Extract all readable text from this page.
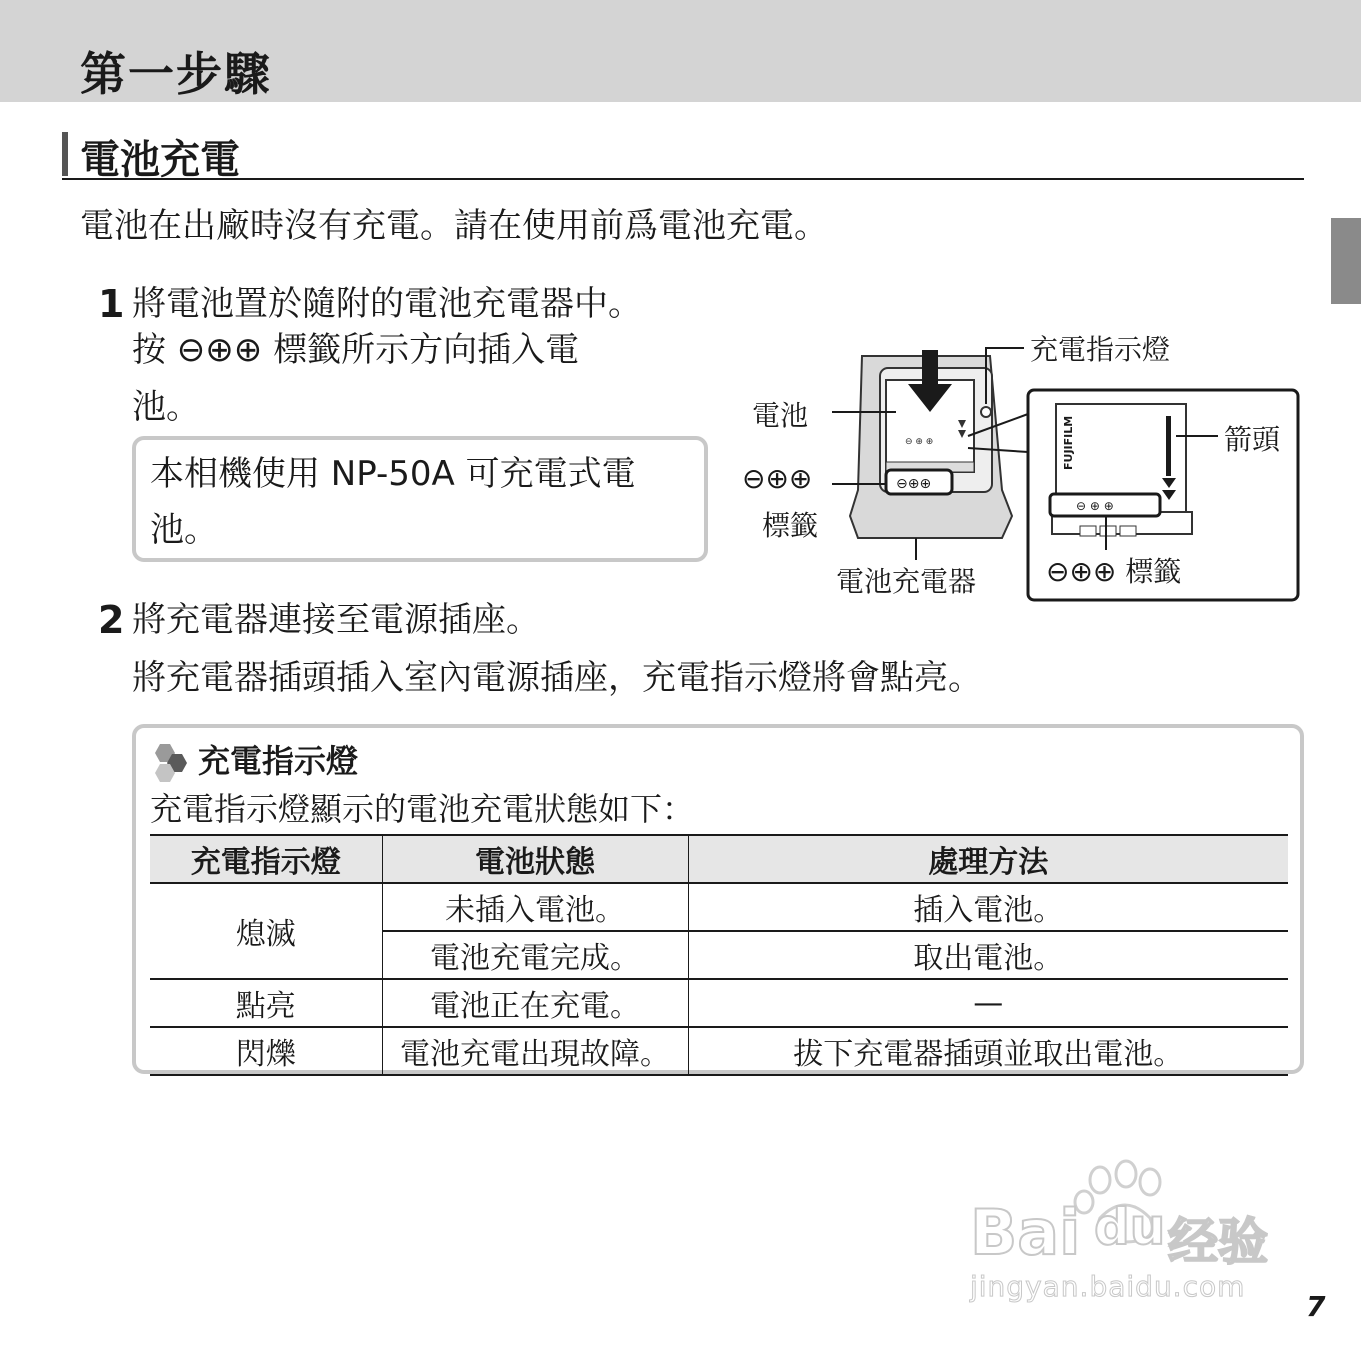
第一步驟
電池充電
電池在出廠時沒有充電。請在使用前爲電池充電。
1 將電池置於隨附的電池充電器中。
按 ⊖⊕⊕ 標籤所示方向插入電
池。
本相機使用 NP-50A 可充電式電
池。
⊖ ⊕ ⊕
⊖⊕⊕
⊖ ⊕ ⊕
充電指示燈
電池
⊖⊕⊕
標籤
電池充電器
箭頭
⊖⊕⊕ 標籤
FUJIFILM
2 將充電器連接至電源插座。
將充電器插頭插入室內電源插座，充電指示燈將會點亮。
充電指示燈
充電指示燈顯示的電池充電狀態如下：
充電指示燈	電池狀態	處理方法
熄滅	未插入電池。	插入電池。
	電池充電完成。	取出電池。
點亮	電池正在充電。	—
閃爍	電池充電出現故障。	拔下充電器插頭並取出電池。
Bai du 经验
jingyan.baidu.com
7
